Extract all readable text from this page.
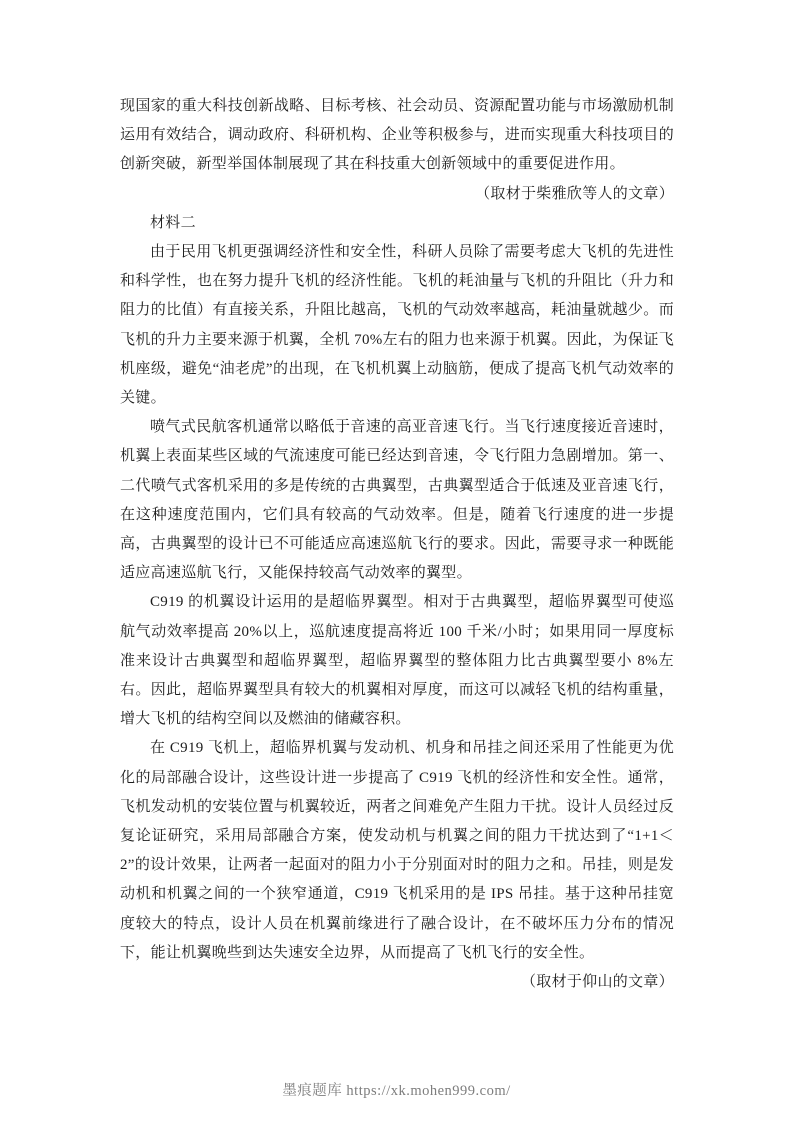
现国家的重大科技创新战略、目标考核、社会动员、资源配置功能与市场激励机制运用有效结合，调动政府、科研机构、企业等积极参与，进而实现重大科技项目的创新突破，新型举国体制展现了其在科技重大创新领域中的重要促进作用。

（取材于柴雅欣等人的文章）

材料二

由于民用飞机更强调经济性和安全性，科研人员除了需要考虑大飞机的先进性和科学性，也在努力提升飞机的经济性能。飞机的耗油量与飞机的升阻比（升力和阻力的比值）有直接关系，升阻比越高，飞机的气动效率越高，耗油量就越少。而飞机的升力主要来源于机翼，全机 70%左右的阻力也来源于机翼。因此，为保证飞机座级，避免“油老虎”的出现，在飞机机翼上动脑筋，便成了提高飞机气动效率的关键。

喷气式民航客机通常以略低于音速的高亚音速飞行。当飞行速度接近音速时，机翼上表面某些区域的气流速度可能已经达到音速，令飞行阻力急剧增加。第一、二代喷气式客机采用的多是传统的古典翼型，古典翼型适合于低速及亚音速飞行，在这种速度范围内，它们具有较高的气动效率。但是，随着飞行速度的进一步提高，古典翼型的设计已不可能适应高速巡航飞行的要求。因此，需要寻求一种既能适应高速巡航飞行，又能保持较高气动效率的翼型。

C919 的机翼设计运用的是超临界翼型。相对于古典翼型，超临界翼型可使巡航气动效率提高 20%以上，巡航速度提高将近 100 千米/小时；如果用同一厚度标准来设计古典翼型和超临界翼型，超临界翼型的整体阻力比古典翼型要小 8%左右。因此，超临界翼型具有较大的机翼相对厚度，而这可以减轻飞机的结构重量，增大飞机的结构空间以及燃油的储藏容积。

在 C919 飞机上，超临界机翼与发动机、机身和吊挂之间还采用了性能更为优化的局部融合设计，这些设计进一步提高了 C919 飞机的经济性和安全性。通常，飞机发动机的安装位置与机翼较近，两者之间难免产生阻力干扰。设计人员经过反复论证研究，采用局部融合方案，使发动机与机翼之间的阻力干扰达到了“1+1＜2”的设计效果，让两者一起面对的阻力小于分别面对时的阻力之和。吊挂，则是发动机和机翼之间的一个狭窄通道，C919 飞机采用的是 IPS 吊挂。基于这种吊挂宽度较大的特点，设计人员在机翼前缘进行了融合设计，在不破坏压力分布的情况下，能让机翼晚些到达失速安全边界，从而提高了飞机飞行的安全性。

（取材于仰山的文章）

墨痕题库 https://xk.mohen999.com/
